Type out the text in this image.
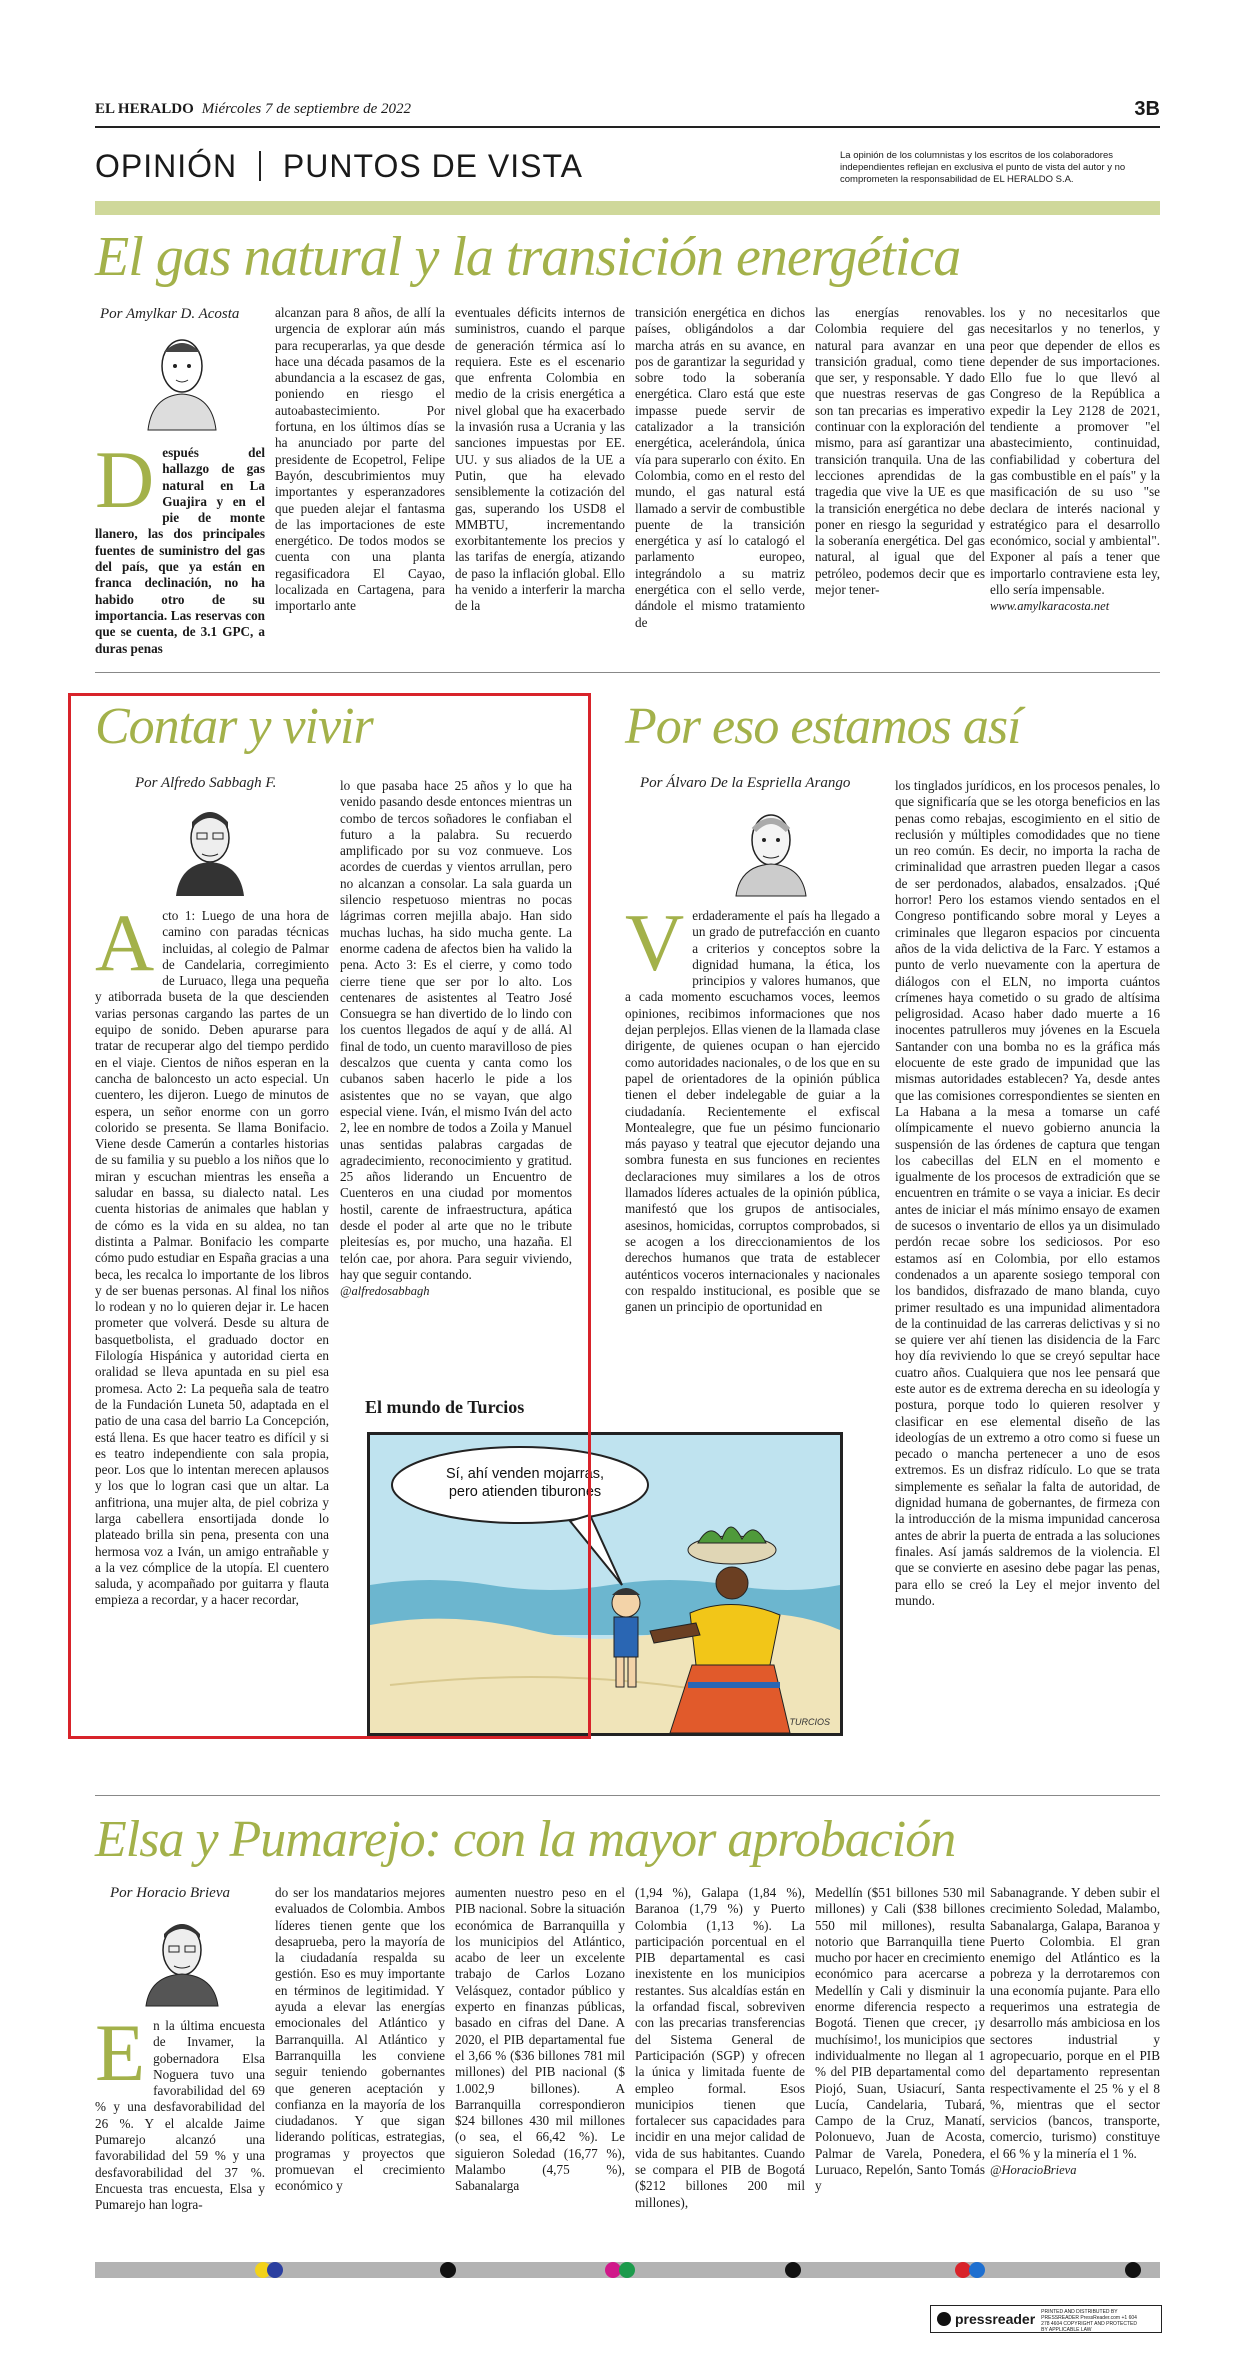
EL HERALDO Miércoles 7 de septiembre de 2022	3B
OPINIÓN PUNTOS DE VISTA	La opinión de los columnistas y los escritos de los colaboradores independientes reflejan en exclusiva el punto de vista del autor y no comprometen la responsabilidad de EL HERALDO S.A.
El gas natural y la transición energética
Por Amylkar D. Acosta
D espués del hallazgo de gas natural en La Guajira y en el pie de monte llanero, las dos principales fuentes de suministro del gas del país, que ya están en franca declinación, no ha habido otro de su importancia. Las reservas con que se cuenta, de 3.1 GPC, a duras penas
alcanzan para 8 años, de allí la urgencia de explorar aún más para recuperarlas, ya que desde hace una década pasamos de la abundancia a la escasez de gas, poniendo en riesgo el autoabastecimiento. Por fortuna, en los últimos días se ha anunciado por parte del presidente de Ecopetrol, Felipe Bayón, descubrimientos muy importantes y esperanzadores que pueden alejar el fantasma de las importaciones de este energético. De todos modos se cuenta con una planta regasificadora El Cayao, localizada en Cartagena, para importarlo ante
eventuales déficits internos de suministros, cuando el parque de generación térmica así lo requiera. Este es el escenario que enfrenta Colombia en medio de la crisis energética a nivel global que ha exacerbado la invasión rusa a Ucrania y las sanciones impuestas por EE. UU. y sus aliados de la UE a Putin, que ha elevado sensiblemente la cotización del gas, superando los USD8 el MMBTU, incrementando exorbitantemente los precios y las tarifas de energía, atizando de paso la inflación global. Ello ha venido a interferir la marcha de la
transición energética en dichos países, obligándolos a dar marcha atrás en su avance, en pos de garantizar la seguridad y sobre todo la soberanía energética. Claro está que este impasse puede servir de catalizador a la transición energética, acelerándola, única vía para superarlo con éxito. En Colombia, como en el resto del mundo, el gas natural está llamado a servir de combustible puente de la transición energética y así lo catalogó el parlamento europeo, integrándolo a su matriz energética con el sello verde, dándole el mismo tratamiento de
las energías renovables. Colombia requiere del gas natural para avanzar en una transición gradual, como tiene que ser, y responsable. Y dado que nuestras reservas de gas son tan precarias es imperativo continuar con la exploración del mismo, para así garantizar una transición tranquila. Una de las lecciones aprendidas de la tragedia que vive la UE es que la transición energética no debe poner en riesgo la seguridad y la soberanía energética. Del gas natural, al igual que del petróleo, podemos decir que es mejor tener-
los y no necesitarlos que necesitarlos y no tenerlos, y peor que depender de ellos es depender de sus importaciones. Ello fue lo que llevó al Congreso de la República a expedir la Ley 2128 de 2021, tendiente a promover "el abastecimiento, continuidad, confiabilidad y cobertura del gas combustible en el país" y la masificación de su uso "se declara de interés nacional y estratégico para el desarrollo económico, social y ambiental". Exponer al país a tener que importarlo contraviene esta ley, ello sería impensable.
www.amylkaracosta.net
Contar y vivir
Por Alfredo Sabbagh F.
A cto 1: Luego de una hora de camino con paradas técnicas incluidas, al colegio de Palmar de Candelaria, corregimiento de Luruaco, llega una pequeña y atiborrada buseta de la que descienden varias personas cargando las partes de un equipo de sonido. Deben apurarse para tratar de recuperar algo del tiempo perdido en el viaje. Cientos de niños esperan en la cancha de baloncesto un acto especial. Un cuentero, les dijeron. Luego de minutos de espera, un señor enorme con un gorro colorido se presenta. Se llama Bonifacio. Viene desde Camerún a contarles historias de su familia y su pueblo a los niños que lo miran y escuchan mientras les enseña a saludar en bassa, su dialecto natal. Les cuenta historias de animales que hablan y de cómo es la vida en su aldea, no tan distinta a Palmar. Bonifacio les comparte cómo pudo estudiar en España gracias a una beca, les recalca lo importante de los libros y de ser buenas personas. Al final los niños lo rodean y no lo quieren dejar ir. Le hacen prometer que volverá. Desde su altura de basquetbolista, el graduado doctor en Filología Hispánica y autoridad cierta en oralidad se lleva apuntada en su piel esa promesa. Acto 2: La pequeña sala de teatro de la Fundación Luneta 50, adaptada en el patio de una casa del barrio La Concepción, está llena. Es que hacer teatro es difícil y si es teatro independiente con sala propia, peor. Los que lo intentan merecen aplausos y los que lo logran casi que un altar. La anfitriona, una mujer alta, de piel cobriza y larga cabellera ensortijada donde lo plateado brilla sin pena, presenta con una hermosa voz a Iván, un amigo entrañable y a la vez cómplice de la utopía. El cuentero saluda, y acompañado por guitarra y flauta empieza a recordar, y a hacer recordar,
lo que pasaba hace 25 años y lo que ha venido pasando desde entonces mientras un combo de tercos soñadores le confiaban el futuro a la palabra. Su recuerdo amplificado por su voz conmueve. Los acordes de cuerdas y vientos arrullan, pero no alcanzan a consolar. La sala guarda un silencio respetuoso mientras no pocas lágrimas corren mejilla abajo. Han sido muchas luchas, ha sido mucha gente. La enorme cadena de afectos bien ha valido la pena. Acto 3: Es el cierre, y como todo cierre tiene que ser por lo alto. Los centenares de asistentes al Teatro José Consuegra se han divertido de lo lindo con los cuentos llegados de aquí y de allá. Al final de todo, un cuento maravilloso de pies descalzos que cuenta y canta como los cubanos saben hacerlo le pide a los asistentes que no se vayan, que algo especial viene. Iván, el mismo Iván del acto 2, lee en nombre de todos a Zoila y Manuel unas sentidas palabras cargadas de agradecimiento, reconocimiento y gratitud. 25 años liderando un Encuentro de Cuenteros en una ciudad por momentos hostil, carente de infraestructura, apática desde el poder al arte que no le tribute pleitesías es, por mucho, una hazaña. El telón cae, por ahora. Para seguir viviendo, hay que seguir contando.
@alfredosabbagh
El mundo de Turcios
Sí, ahí venden mojarras, pero atienden tiburones
TURCIOS
Por eso estamos así
Por Álvaro De la Espriella Arango
V erdaderamente el país ha llegado a un grado de putrefacción en cuanto a criterios y conceptos sobre la dignidad humana, la ética, los principios y valores humanos, que a cada momento escuchamos voces, leemos opiniones, recibimos informaciones que nos dejan perplejos. Ellas vienen de la llamada clase dirigente, de quienes ocupan o han ejercido como autoridades nacionales, o de los que en su papel de orientadores de la opinión pública tienen el deber indelegable de guiar a la ciudadanía. Recientemente el exfiscal Montealegre, que fue un pésimo funcionario más payaso y teatral que ejecutor dejando una sombra funesta en sus funciones en recientes declaraciones muy similares a los de otros llamados líderes actuales de la opinión pública, manifestó que los grupos de antisociales, asesinos, homicidas, corruptos comprobados, si se acogen a los direccionamientos de los derechos humanos que trata de establecer auténticos voceros internacionales y nacionales con respaldo institucional, es posible que se ganen un principio de oportunidad en
los tinglados jurídicos, en los procesos penales, lo que significaría que se les otorga beneficios en las penas como rebajas, escogimiento en el sitio de reclusión y múltiples comodidades que no tiene un reo común. Es decir, no importa la racha de criminalidad que arrastren pueden llegar a casos de ser perdonados, alabados, ensalzados. ¡Qué horror! Pero los estamos viendo sentados en el Congreso pontificando sobre moral y Leyes a criminales que llegaron espacios por cincuenta años de la vida delictiva de la Farc. Y estamos a punto de verlo nuevamente con la apertura de diálogos con el ELN, no importa cuántos crímenes haya cometido o su grado de altísima peligrosidad. Acaso haber dado muerte a 16 inocentes patrulleros muy jóvenes en la Escuela Santander con una bomba no es la gráfica más elocuente de este grado de impunidad que las mismas autoridades establecen? Ya, desde antes que las comisiones correspondientes se sienten en La Habana a la mesa a tomarse un café olímpicamente el nuevo gobierno anuncia la suspensión de las órdenes de captura que tengan los cabecillas del ELN en el momento e igualmente de los procesos de extradición que se encuentren en trámite o se vaya a iniciar. Es decir antes de iniciar el más mínimo ensayo de examen de sucesos o inventario de ellos ya un disimulado perdón recae sobre los sediciosos. Por eso estamos así en Colombia, por ello estamos condenados a un aparente sosiego temporal con los bandidos, disfrazado de mano blanda, cuyo primer resultado es una impunidad alimentadora de la continuidad de las carreras delictivas y si no se quiere ver ahí tienen las disidencia de la Farc hoy día reviviendo lo que se creyó sepultar hace cuatro años. Cualquiera que nos lee pensará que este autor es de extrema derecha en su ideología y postura, porque todo lo quieren resolver y clasificar en ese elemental diseño de las ideologías de un extremo a otro como si fuese un pecado o mancha pertenecer a uno de esos extremos. Es un disfraz ridículo. Lo que se trata simplemente es señalar la falta de autoridad, de dignidad humana de gobernantes, de firmeza con la introducción de la misma impunidad cancerosa antes de abrir la puerta de entrada a las soluciones finales. Así jamás saldremos de la violencia. El que se convierte en asesino debe pagar las penas, para ello se creó la Ley el mejor invento del mundo.
Elsa y Pumarejo: con la mayor aprobación
Por Horacio Brieva
E n la última encuesta de Invamer, la gobernadora Elsa Noguera tuvo una favorabilidad del 69 % y una desfavorabilidad del 26 %. Y el alcalde Jaime Pumarejo alcanzó una favorabilidad del 59 % y una desfavorabilidad del 37 %. Encuesta tras encuesta, Elsa y Pumarejo han logra-
do ser los mandatarios mejores evaluados de Colombia. Ambos líderes tienen gente que los desaprueba, pero la mayoría de la ciudadanía respalda su gestión. Eso es muy importante en términos de legitimidad. Y ayuda a elevar las energías emocionales del Atlántico y Barranquilla. Al Atlántico y Barranquilla les conviene seguir teniendo gobernantes que generen aceptación y confianza en la mayoría de los ciudadanos. Y que sigan liderando políticas, estrategias, programas y proyectos que promuevan el crecimiento económico y
aumenten nuestro peso en el PIB nacional. Sobre la situación económica de Barranquilla y los municipios del Atlántico, acabo de leer un excelente trabajo de Carlos Lozano Velásquez, contador público y experto en finanzas públicas, basado en cifras del Dane. A 2020, el PIB departamental fue el 3,66 % ($36 billones 781 mil millones) del PIB nacional ($ 1.002,9 billones). A Barranquilla correspondieron $24 billones 430 mil millones (o sea, el 66,42 %). Le siguieron Soledad (16,77 %), Malambo (4,75 %), Sabanalarga
(1,94 %), Galapa (1,84 %), Baranoa (1,79 %) y Puerto Colombia (1,13 %). La participación porcentual en el PIB departamental es casi inexistente en los municipios restantes. Sus alcaldías están en la orfandad fiscal, sobreviven con las precarias transferencias del Sistema General de Participación (SGP) y ofrecen la única y limitada fuente de empleo formal. Esos municipios tienen que fortalecer sus capacidades para incidir en una mejor calidad de vida de sus habitantes. Cuando se compara el PIB de Bogotá ($212 billones 200 mil millones),
Medellín ($51 billones 530 mil millones) y Cali ($38 billones 550 mil millones), resulta notorio que Barranquilla tiene mucho por hacer en crecimiento económico para acercarse a Medellín y Cali y disminuir la enorme diferencia respecto a Bogotá. Tienen que crecer, ¡y muchísimo!, los municipios que individualmente no llegan al 1 % del PIB departamental como Piojó, Suan, Usiacurí, Santa Lucía, Candelaria, Tubará, Campo de la Cruz, Manatí, Polonuevo, Juan de Acosta, Palmar de Varela, Ponedera, Luruaco, Repelón, Santo Tomás y
Sabanagrande. Y deben subir el crecimiento Soledad, Malambo, Sabanalarga, Galapa, Baranoa y Puerto Colombia. El gran enemigo del Atlántico es la pobreza y la derrotaremos con una economía pujante. Para ello requerimos una estrategia de desarrollo más ambiciosa en los sectores industrial y agropecuario, porque en el PIB del departamento representan respectivamente el 25 % y el 8 %, mientras que el sector servicios (bancos, transporte, comercio, turismo) constituye el 66 % y la minería el 1 %.
@HoracioBrieva
pressreader PRINTED AND DISTRIBUTED BY PRESSREADER PressReader.com +1 604 278 4604 COPYRIGHT AND PROTECTED BY APPLICABLE LAW
